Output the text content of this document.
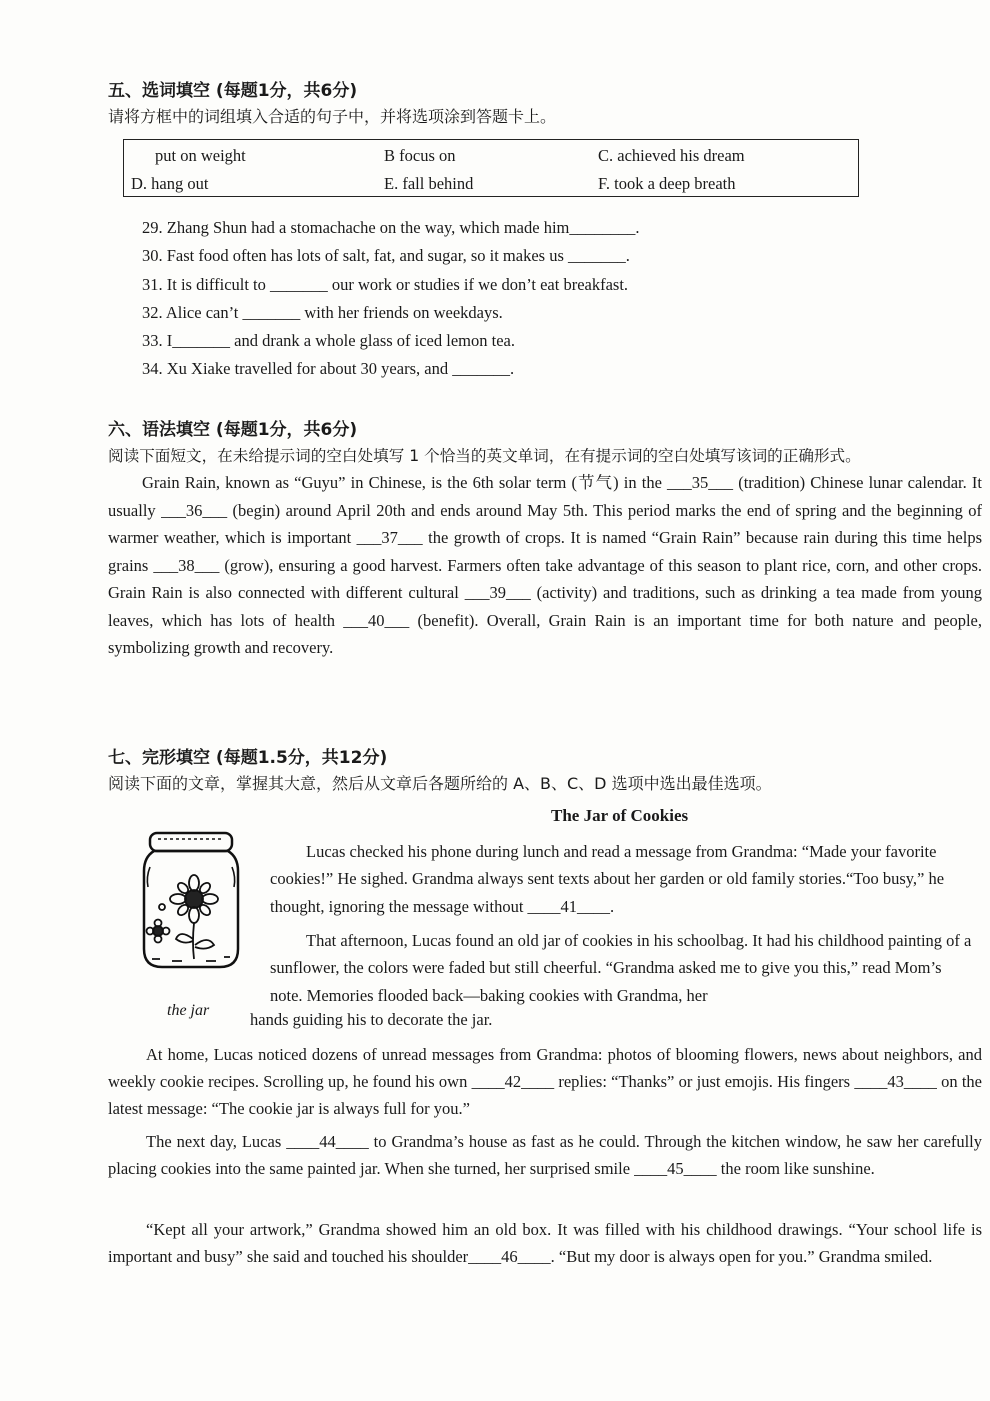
五、选词填空 (每题1分，共6分)
请将方框中的词组填入合适的句子中，并将选项涂到答题卡上。
put on weight	B focus on	C. achieved his dream
D. hang out	E. fall behind	F. took a deep breath
29. Zhang Shun had a stomachache on the way, which made him________.
30. Fast food often has lots of salt, fat, and sugar, so it makes us _______.
31. It is difficult to _______ our work or studies if we don’t eat breakfast.
32. Alice can’t _______ with her friends on weekdays.
33. I_______ and drank a whole glass of iced lemon tea.
34. Xu Xiake travelled for about 30 years, and _______.
六、语法填空 (每题1分，共6分)
阅读下面短文，在未给提示词的空白处填写 1 个恰当的英文单词，在有提示词的空白处填写该词的正确形式。
Grain Rain, known as “Guyu” in Chinese, is the 6th solar term (节气) in the ___35___ (tradition) Chinese lunar calendar. It usually ___36___ (begin) around April 20th and ends around May 5th. This period marks the end of spring and the beginning of warmer weather, which is important ___37___ the growth of crops. It is named “Grain Rain” because rain during this time helps grains ___38___ (grow), ensuring a good harvest. Farmers often take advantage of this season to plant rice, corn, and other crops. Grain Rain is also connected with different cultural ___39___ (activity) and traditions, such as drinking a tea made from young leaves, which has lots of health ___40___ (benefit). Overall, Grain Rain is an important time for both nature and people, symbolizing growth and recovery.
七、完形填空 (每题1.5分，共12分)
阅读下面的文章，掌握其大意，然后从文章后各题所给的 A、B、C、D 选项中选出最佳选项。
The Jar of Cookies
the jar
Lucas checked his phone during lunch and read a message from Grandma: “Made your favorite cookies!” He sighed. Grandma always sent texts about her garden or old family stories.“Too busy,” he thought, ignoring the message without ____41____.
That afternoon, Lucas found an old jar of cookies in his schoolbag. It had his childhood painting of a sunflower, the colors were faded but still cheerful. “Grandma asked me to give you this,” read Mom’s note. Memories flooded back—baking cookies with Grandma, her
hands guiding his to decorate the jar.
At home, Lucas noticed dozens of unread messages from Grandma: photos of blooming flowers, news about neighbors, and weekly cookie recipes. Scrolling up, he found his own ____42____ replies: “Thanks” or just emojis. His fingers ____43____ on the latest message: “The cookie jar is always full for you.”
The next day, Lucas ____44____ to Grandma’s house as fast as he could. Through the kitchen window, he saw her carefully placing cookies into the same painted jar. When she turned, her surprised smile ____45____ the room like sunshine.
“Kept all your artwork,” Grandma showed him an old box. It was filled with his childhood drawings. “Your school life is important and busy” she said and touched his shoulder____46____. “But my door is always open for you.” Grandma smiled.
